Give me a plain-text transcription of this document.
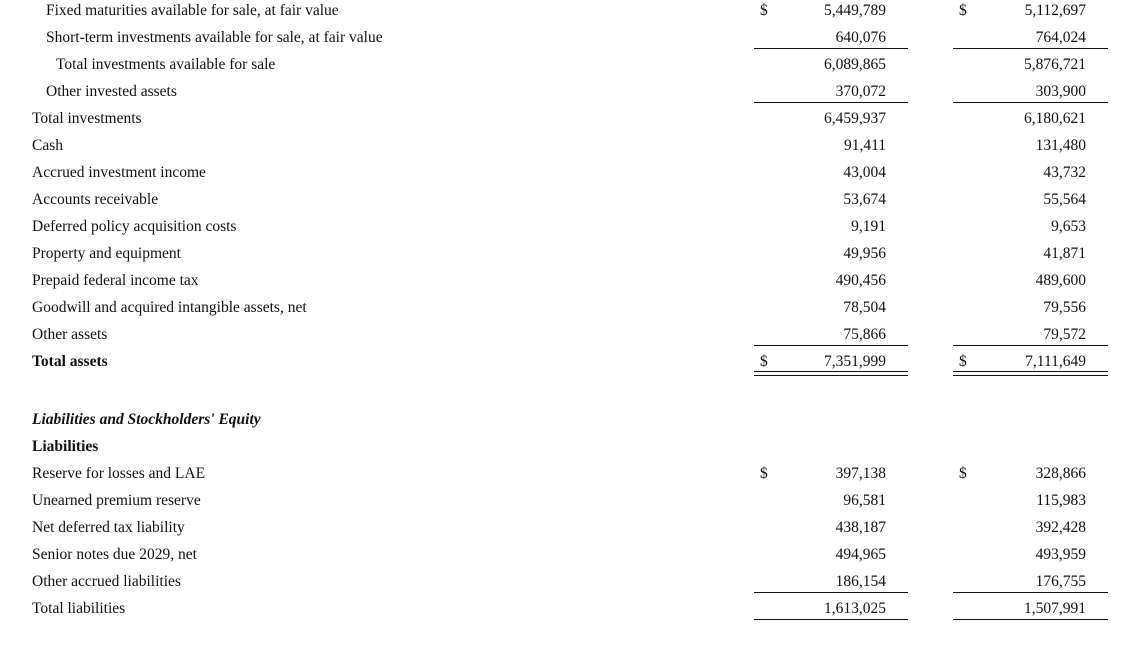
Fixed maturities available for sale, at fair value	$	5,449,789	$	5,112,697
Short-term investments available for sale, at fair value	640,076	764,024
Total investments available for sale	6,089,865	5,876,721
Other invested assets	370,072	303,900
Total investments	6,459,937	6,180,621
Cash	91,411	131,480
Accrued investment income	43,004	43,732
Accounts receivable	53,674	55,564
Deferred policy acquisition costs	9,191	9,653
Property and equipment	49,956	41,871
Prepaid federal income tax	490,456	489,600
Goodwill and acquired intangible assets, net	78,504	79,556
Other assets	75,866	79,572
Total assets	$	7,351,999	$	7,111,649
Liabilities and Stockholders' Equity
Liabilities
Reserve for losses and LAE	$	397,138	$	328,866
Unearned premium reserve	96,581	115,983
Net deferred tax liability	438,187	392,428
Senior notes due 2029, net	494,965	493,959
Other accrued liabilities	186,154	176,755
Total liabilities	1,613,025	1,507,991
